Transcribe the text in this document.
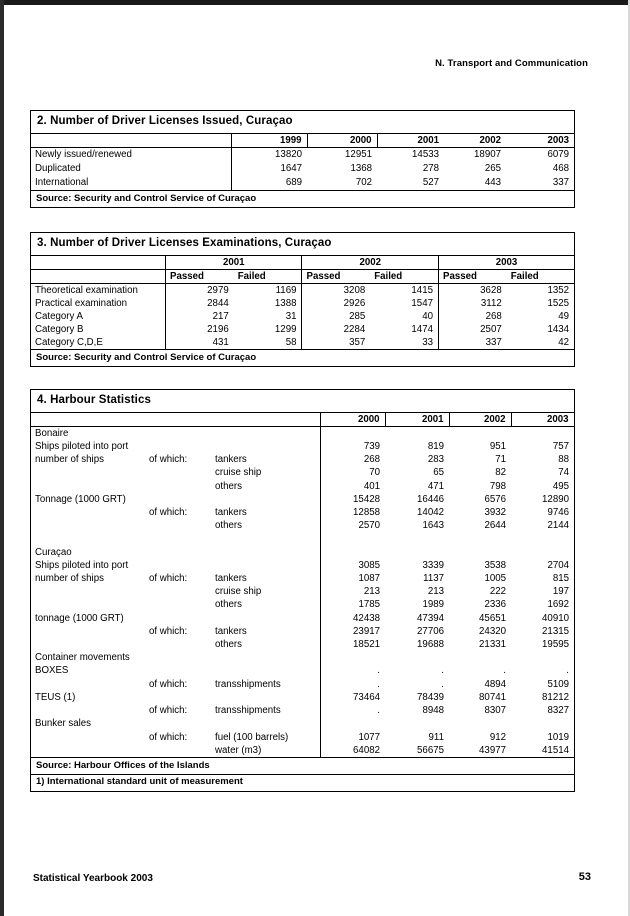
N. Transport and Communication
2. Number of Driver Licenses Issued, Curaçao
	1999	2000	2001	2002	2003
Newly issued/renewed	13820	12951	14533	18907	6079
Duplicated	1647	1368	278	265	468
International	689	702	527	443	337
Source: Security and Control Service of Curaçao
3. Number of Driver Licenses Examinations, Curaçao
	2001		2002		2003	
	Passed	Failed	Passed	Failed	Passed	Failed
Theoretical examination	2979	1169	3208	1415	3628	1352
Practical examination	2844	1388	2926	1547	3112	1525
Category A	217	31	285	40	268	49
Category B	2196	1299	2284	1474	2507	1434
Category C,D,E	431	58	357	33	337	42
Source: Security and Control Service of Curaçao
4. Harbour Statistics
			2000	2001	2002	2003
Bonaire						
Ships piloted into port			739	819	951	757
number of ships	of which:	tankers	268	283	71	88
		cruise ship	70	65	82	74
		others	401	471	798	495
Tonnage (1000 GRT)			15428	16446	6576	12890
	of which:	tankers	12858	14042	3932	9746
		others	2570	1643	2644	2144

Curaçao						
Ships piloted into port			3085	3339	3538	2704
number of ships	of which:	tankers	1087	1137	1005	815
		cruise ship	213	213	222	197
		others	1785	1989	2336	1692
tonnage (1000 GRT)			42438	47394	45651	40910
	of which:	tankers	23917	27706	24320	21315
		others	18521	19688	21331	19595
Container movements						
BOXES			.	.	.	.
	of which:	transshipments	.	.	4894	5109
TEUS (1)			73464	78439	80741	81212
	of which:	transshipments	.	8948	8307	8327
Bunker sales						
	of which:	fuel (100 barrels)	1077	911	912	1019
		water (m3)	64082	56675	43977	41514
Source: Harbour Offices of the Islands
1) International standard unit of measurement
Statistical Yearbook 2003	53
